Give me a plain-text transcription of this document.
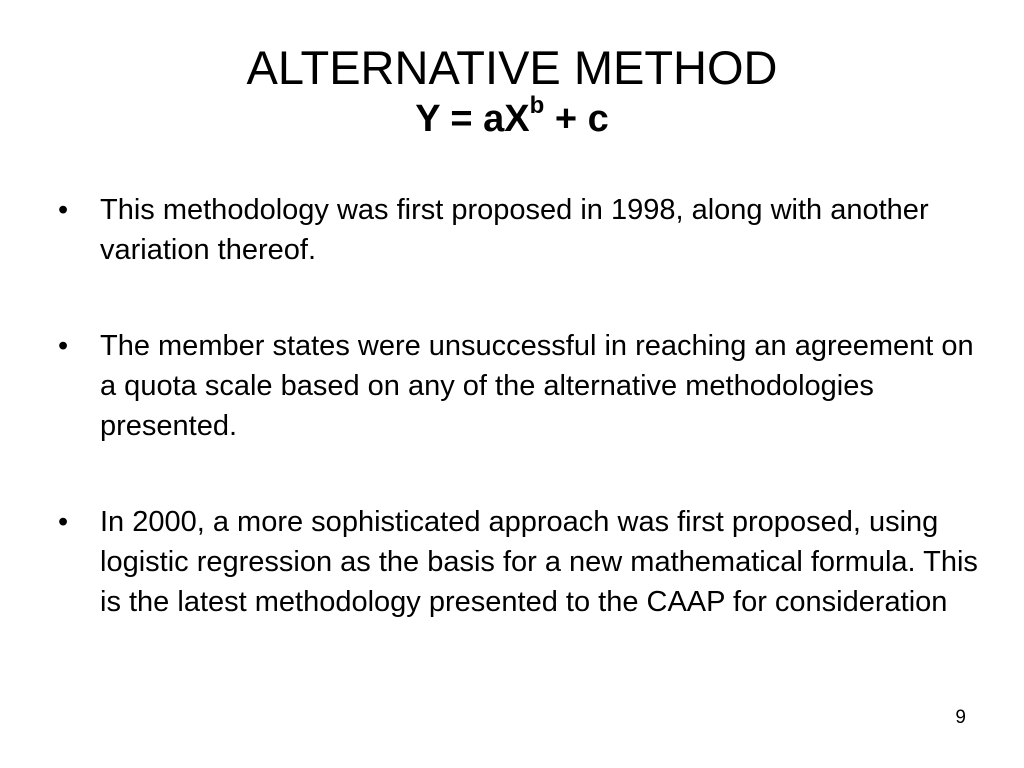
ALTERNATIVE METHOD
$Y = aX^b + c$
•	This methodology was first proposed in 1998, along with another variation thereof.
•	The member states were unsuccessful in reaching an agreement on a quota scale based on any of the alternative methodologies presented.
•	In 2000, a more sophisticated approach was first proposed, using logistic regression as the basis for a new mathematical formula. This is the latest methodology presented to the CAAP for consideration
9
